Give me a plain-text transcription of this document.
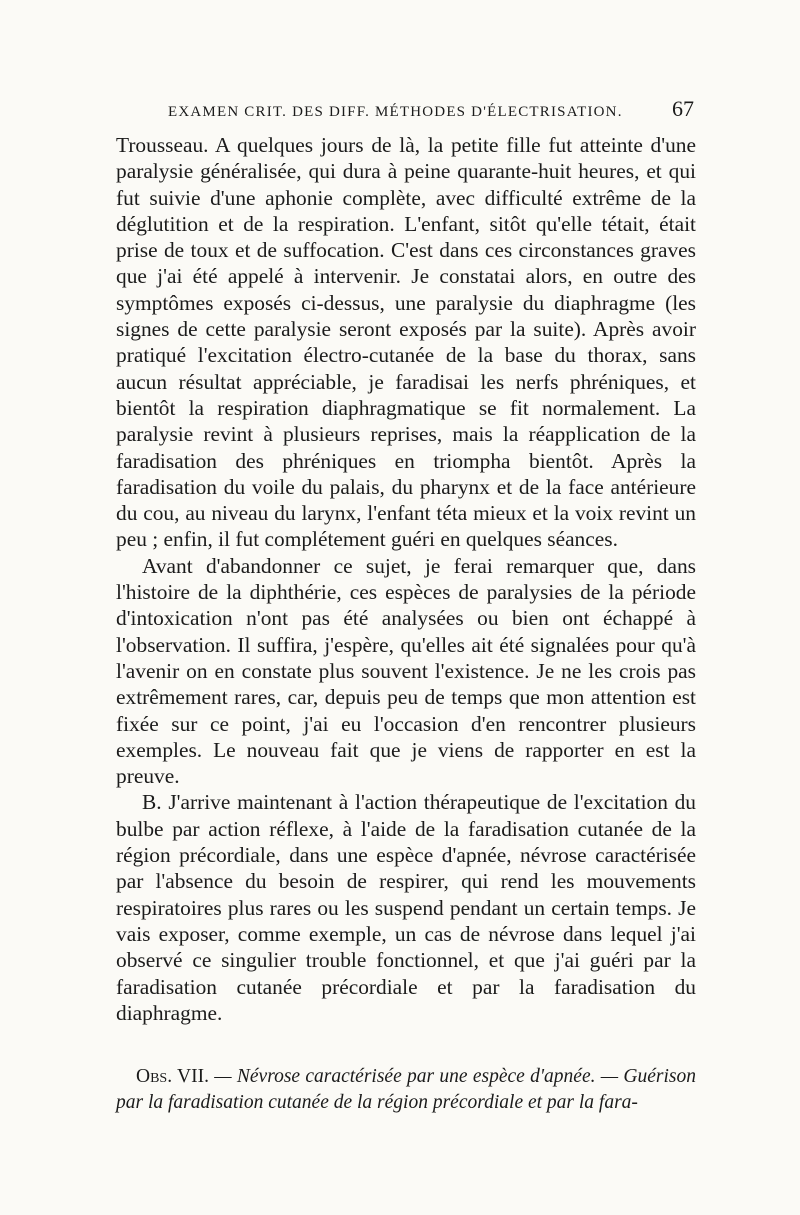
EXAMEN CRIT. DES DIFF. MÉTHODES D'ÉLECTRISATION. 67

Trousseau. A quelques jours de là, la petite fille fut atteinte d'une paralysie généralisée, qui dura à peine quarante-huit heures, et qui fut suivie d'une aphonie complète, avec difficulté extrême de la déglutition et de la respiration. L'enfant, sitôt qu'elle tétait, était prise de toux et de suffocation. C'est dans ces circonstances graves que j'ai été appelé à intervenir. Je constatai alors, en outre des symptômes exposés ci-dessus, une paralysie du diaphragme (les signes de cette paralysie seront exposés par la suite). Après avoir pratiqué l'excitation électro-cutanée de la base du thorax, sans aucun résultat appréciable, je faradisai les nerfs phréniques, et bientôt la respiration diaphragmatique se fit normalement. La paralysie revint à plusieurs reprises, mais la réapplication de la faradisation des phréniques en triompha bientôt. Après la faradisation du voile du palais, du pharynx et de la face antérieure du cou, au niveau du larynx, l'enfant téta mieux et la voix revint un peu ; enfin, il fut complétement guéri en quelques séances.

Avant d'abandonner ce sujet, je ferai remarquer que, dans l'histoire de la diphthérie, ces espèces de paralysies de la période d'intoxication n'ont pas été analysées ou bien ont échappé à l'observation. Il suffira, j'espère, qu'elles ait été signalées pour qu'à l'avenir on en constate plus souvent l'existence. Je ne les crois pas extrêmement rares, car, depuis peu de temps que mon attention est fixée sur ce point, j'ai eu l'occasion d'en rencontrer plusieurs exemples. Le nouveau fait que je viens de rapporter en est la preuve.

B. J'arrive maintenant à l'action thérapeutique de l'excitation du bulbe par action réflexe, à l'aide de la faradisation cutanée de la région précordiale, dans une espèce d'apnée, névrose caractérisée par l'absence du besoin de respirer, qui rend les mouvements respiratoires plus rares ou les suspend pendant un certain temps. Je vais exposer, comme exemple, un cas de névrose dans lequel j'ai observé ce singulier trouble fonctionnel, et que j'ai guéri par la faradisation cutanée précordiale et par la faradisation du diaphragme.

Obs. VII. — Névrose caractérisée par une espèce d'apnée. — Guérison par la faradisation cutanée de la région précordiale et par la fara-
